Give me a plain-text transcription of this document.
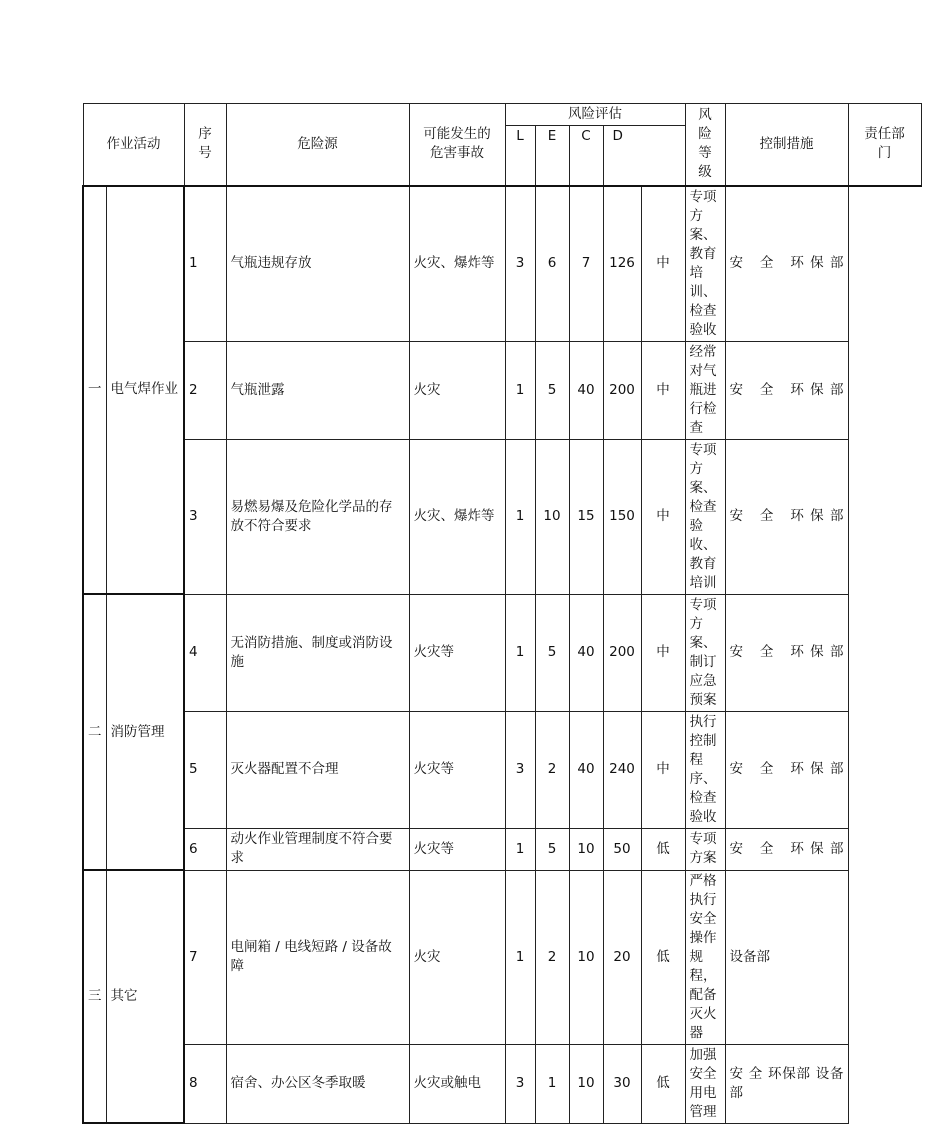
作业活动		序号	危险源	可能发生的危害事故	风险评估					风险等级	控制措施	责任部门

					L	E	C	D				
一	电气焊作业	1	气瓶违规存放	火灾、爆炸等	3	6	7	126	中	专项方案、教育培训、检查验收	安 全 环保部	
		2	气瓶泄露	火灾	1	5	40	200	中	经常对气瓶进行检查	安 全 环保部	
		3	易燃易爆及危险化学品的存放不符合要求	火灾、爆炸等	1	10	15	150	中	专项方案、检查验收、教育培训	安 全 环保部	
二	消防管理	4	无消防措施、制度或消防设施	火灾等	1	5	40	200	中	专项方案、制订应急预案	安 全 环保部	
		5	灭火器配置不合理	火灾等	3	2	40	240	中	执行控制程序、检查验收	安 全 环保部	
		6	动火作业管理制度不符合要求	火灾等	1	5	10	50	低	专项方案	安 全 环保部	
三	其它	7	电闸箱 / 电线短路 / 设备故障	火灾	1	2	10	20	低	严格执行安全操作规程，配备灭火器	设备部	
		8	宿舍、办公区冬季取暖	火灾或触电	3	1	10	30	低	加强安全用电管理	安 全 环保部 设备部	
